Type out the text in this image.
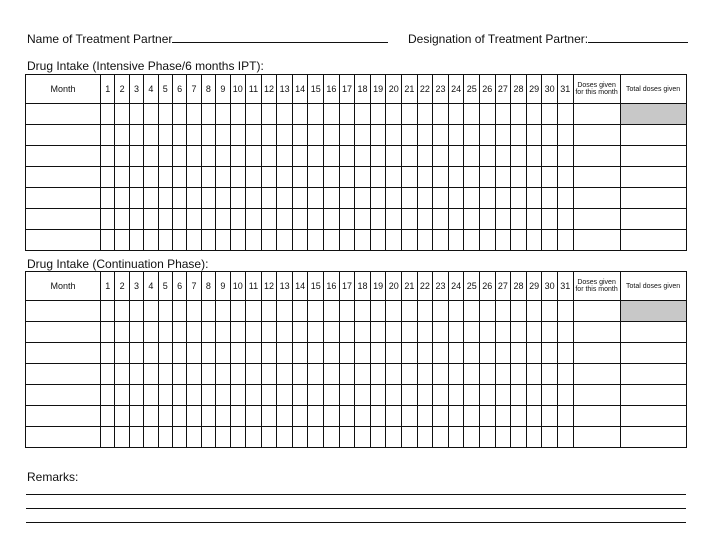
Name of Treatment Partner	Designation of Treatment Partner:
Drug Intake (Intensive Phase/6 months IPT):
Month	1	2	3	4	5	6	7	8	9	10	11	12	13	14	15	16	17	18	19	20	21	22	23	24	25	26	27	28	29	30	31	Doses given for this month	Total doses given

Drug Intake (Continuation Phase):
Month	1	2	3	4	5	6	7	8	9	10	11	12	13	14	15	16	17	18	19	20	21	22	23	24	25	26	27	28	29	30	31	Doses given for this month	Total doses given

Remarks:
